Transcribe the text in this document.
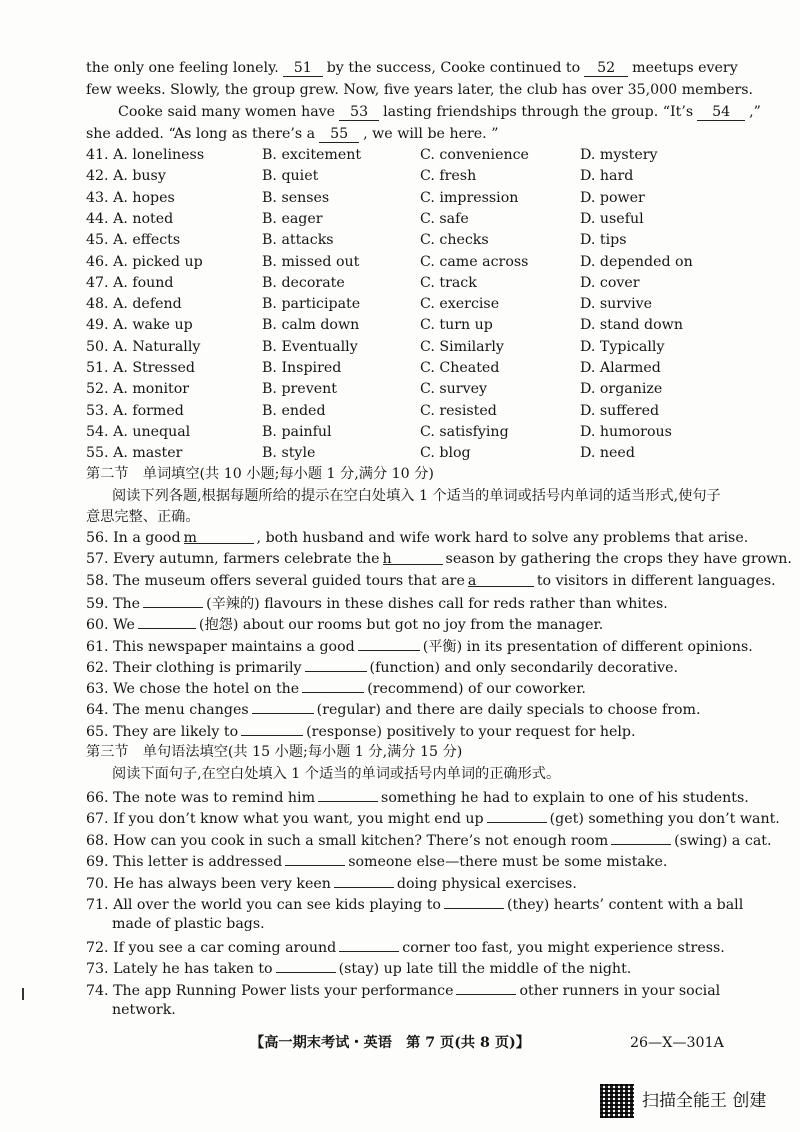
the only one feeling lonely. 51 by the success, Cooke continued to 52 meetups every
few weeks. Slowly, the group grew. Now, five years later, the club has over 35,000 members.
Cooke said many women have 53 lasting friendships through the group. “It’s 54 ,”
she added. “As long as there’s a 55 , we will be here. ”
41. A. loneliness	B. excitement	C. convenience	D. mystery
42. A. busy	B. quiet	C. fresh	D. hard
43. A. hopes	B. senses	C. impression	D. power
44. A. noted	B. eager	C. safe	D. useful
45. A. effects	B. attacks	C. checks	D. tips
46. A. picked up	B. missed out	C. came across	D. depended on
47. A. found	B. decorate	C. track	D. cover
48. A. defend	B. participate	C. exercise	D. survive
49. A. wake up	B. calm down	C. turn up	D. stand down
50. A. Naturally	B. Eventually	C. Similarly	D. Typically
51. A. Stressed	B. Inspired	C. Cheated	D. Alarmed
52. A. monitor	B. prevent	C. survey	D. organize
53. A. formed	B. ended	C. resisted	D. suffered
54. A. unequal	B. painful	C. satisfying	D. humorous
55. A. master	B. style	C. blog	D. need
第二节　单词填空(共 10 小题;每小题 1 分,满分 10 分)
阅读下列各题,根据每题所给的提示在空白处填入 1 个适当的单词或括号内单词的适当形式,使句子意思完整、正确。
56. In a good m	, both husband and wife work hard to solve any problems that arise.
57. Every autumn, farmers celebrate the h	season by gathering the crops they have grown.
58. The museum offers several guided tours that are a	to visitors in different languages.
59. The	(辛辣的) flavours in these dishes call for reds rather than whites.
60. We	(抱怨) about our rooms but got no joy from the manager.
61. This newspaper maintains a good	(平衡) in its presentation of different opinions.
62. Their clothing is primarily	(function) and only secondarily decorative.
63. We chose the hotel on the	(recommend) of our coworker.
64. The menu changes	(regular) and there are daily specials to choose from.
65. They are likely to	(response) positively to your request for help.
第三节　单句语法填空(共 15 小题;每小题 1 分,满分 15 分)
阅读下面句子,在空白处填入 1 个适当的单词或括号内单词的正确形式。
66. The note was to remind him	something he had to explain to one of his students.
67. If you don’t know what you want, you might end up	(get) something you don’t want.
68. How can you cook in such a small kitchen? There’s not enough room	(swing) a cat.
69. This letter is addressed	someone else—there must be some mistake.
70. He has always been very keen	doing physical exercises.
71. All over the world you can see kids playing to	(they) hearts’ content with a ball
made of plastic bags.
72. If you see a car coming around	corner too fast, you might experience stress.
73. Lately he has taken to	(stay) up late till the middle of the night.
74. The app Running Power lists your performance	other runners in your social
network.
【高一期末考试・英语　第 7 页(共 8 页)】	26—X—301A
扫描全能王 创建
